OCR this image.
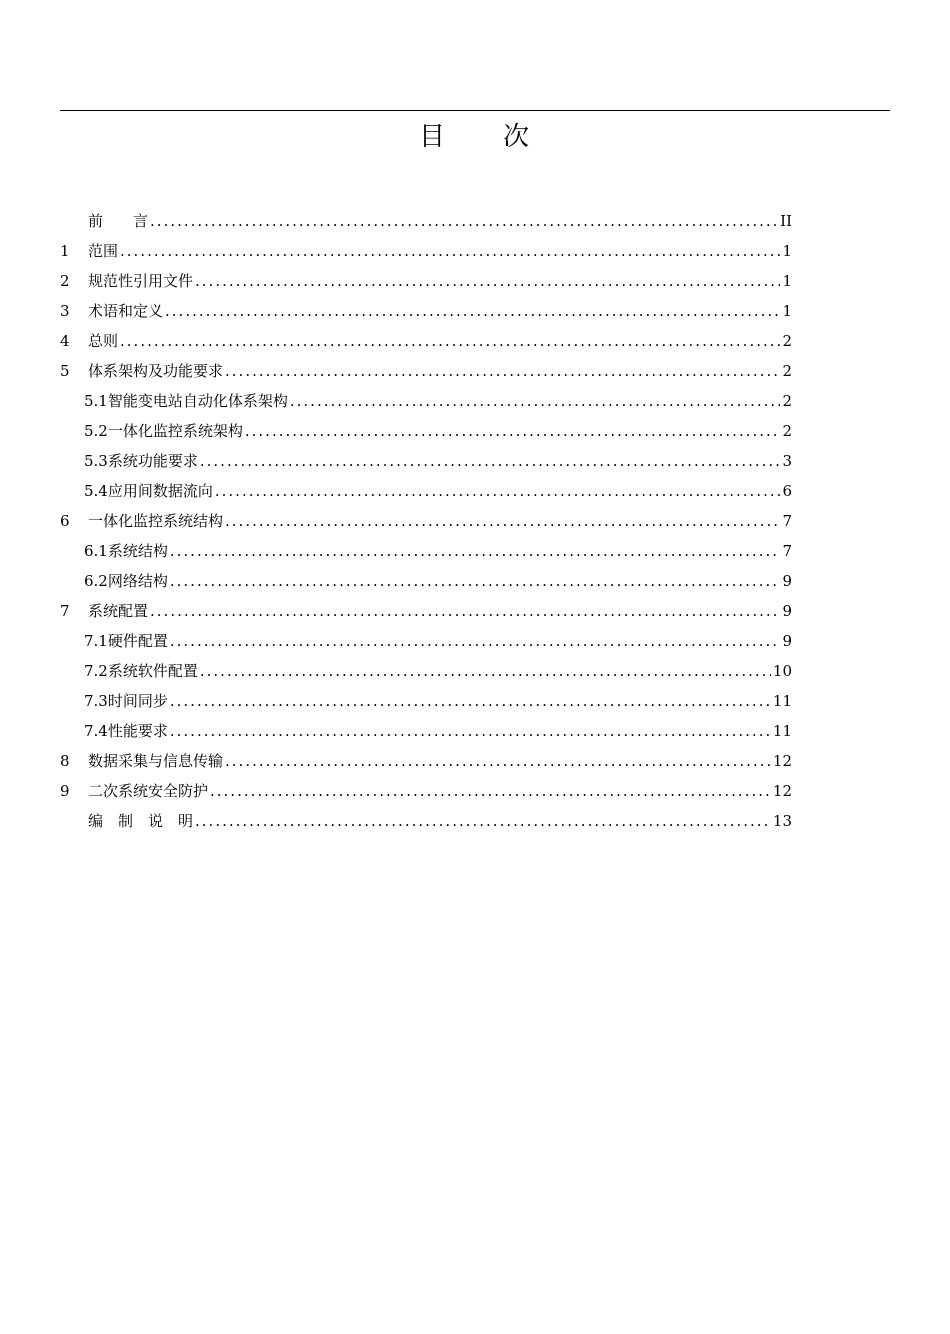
目　　次
前　　言 .....	II
1	范围 .....	1
2	规范性引用文件 .....	1
3	术语和定义 .....	1
4	总则 .....	2
5	体系架构及功能要求 .....	2
5.1 智能变电站自动化体系架构 .....	2
5.2 一体化监控系统架构 .....	2
5.3 系统功能要求 .....	3
5.4 应用间数据流向 .....	6
6	一体化监控系统结构 .....	7
6.1 系统结构 .....	7
6.2 网络结构 .....	9
7	系统配置 .....	9
7.1 硬件配置 .....	9
7.2 系统软件配置 .....	10
7.3 时间同步 .....	11
7.4 性能要求 .....	11
8	数据采集与信息传输 .....	12
9	二次系统安全防护 .....	12
编　制　说　明 .....	13
